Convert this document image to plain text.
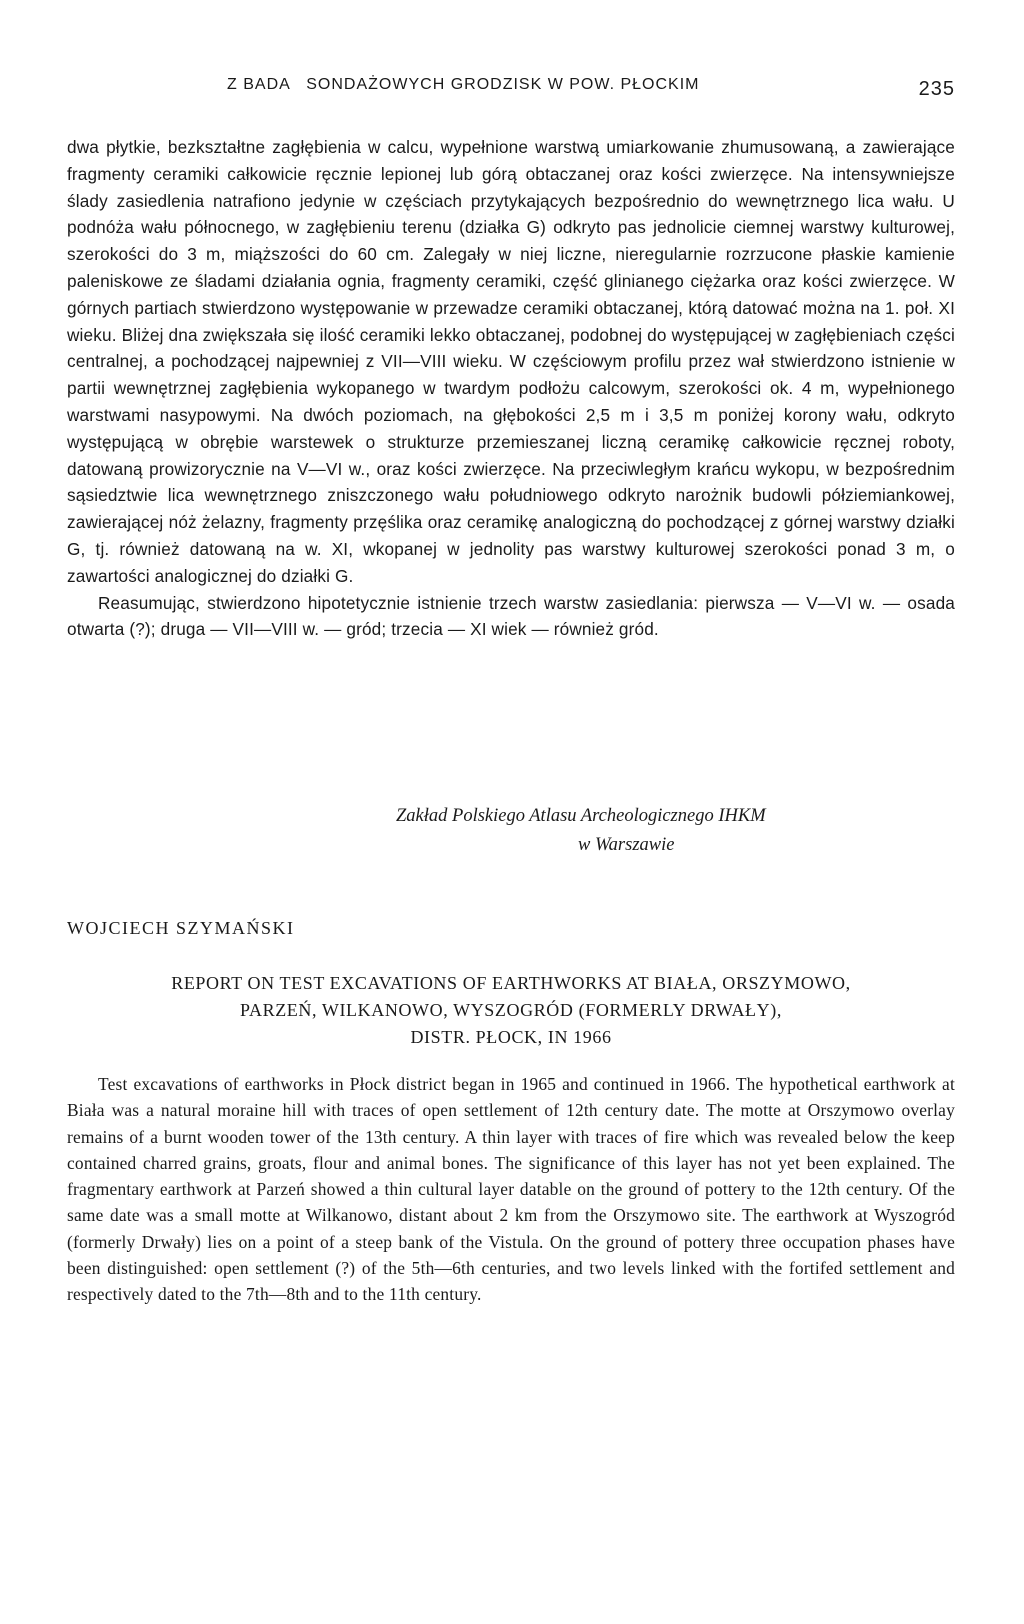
Z BADA   SONDAŻOWYCH GRODZISK W POW. PŁOCKIM	235

dwa płytkie, bezkształtne zagłębienia w calcu, wypełnione warstwą umiarkowanie zhumusowaną, a zawierające fragmenty ceramiki całkowicie ręcznie lepionej lub górą obtaczanej oraz kości zwierzęce. Na intensywniejsze ślady zasiedlenia natrafiono jedynie w częściach przytykających bezpośrednio do wewnętrznego lica wału. U podnóża wału północnego, w zagłębieniu terenu (działka G) odkryto pas jednolicie ciemnej warstwy kulturowej, szerokości do 3 m, miąższości do 60 cm. Zalegały w niej liczne, nieregularnie rozrzucone płaskie kamienie paleniskowe ze śladami działania ognia, fragmenty ceramiki, część glinianego ciężarka oraz kości zwierzęce. W górnych partiach stwierdzono występowanie w przewadze ceramiki obtaczanej, którą datować można na 1. poł. XI wieku. Bliżej dna zwiększała się ilość ceramiki lekko obtaczanej, podobnej do występującej w zagłębieniach części centralnej, a pochodzącej najpewniej z VII—VIII wieku. W częściowym profilu przez wał stwierdzono istnienie w partii wewnętrznej zagłębienia wykopanego w twardym podłożu calcowym, szerokości ok. 4 m, wypełnionego warstwami nasypowymi. Na dwóch poziomach, na głębokości 2,5 m i 3,5 m poniżej korony wału, odkryto występującą w obrębie warstewek o strukturze przemieszanej liczną ceramikę całkowicie ręcznej roboty, datowaną prowizorycznie na V—VI w., oraz kości zwierzęce. Na przeciwległym krańcu wykopu, w bezpośrednim sąsiedztwie lica wewnętrznego zniszczonego wału południowego odkryto narożnik budowli półziemiankowej, zawierającej nóż żelazny, fragmenty przęślika oraz ceramikę analogiczną do pochodzącej z górnej warstwy działki G, tj. również datowaną na w. XI, wkopanej w jednolity pas warstwy kulturowej szerokości ponad 3 m, o zawartości analogicznej do działki G.

Reasumując, stwierdzono hipotetycznie istnienie trzech warstw zasiedlania: pierwsza — V—VI w. — osada otwarta (?); druga — VII—VIII w. — gród; trzecia — XI wiek — również gród.

Zakład Polskiego Atlasu Archeologicznego IHKM
w Warszawie
WOJCIECH SZYMAŃSKI
REPORT ON TEST EXCAVATIONS OF EARTHWORKS AT BIAŁA, ORSZYMOWO,
PARZEŃ, WILKANOWO, WYSZOGRÓD (FORMERLY DRWAŁY),
DISTR. PŁOCK, IN 1966

Test excavations of earthworks in Płock district began in 1965 and continued in 1966. The hypothetical earthwork at Biała was a natural moraine hill with traces of open settlement of 12th century date. The motte at Orszymowo overlay remains of a burnt wooden tower of the 13th century. A thin layer with traces of fire which was revealed below the keep contained charred grains, groats, flour and animal bones. The significance of this layer has not yet been explained. The fragmentary earthwork at Parzeń showed a thin cultural layer datable on the ground of pottery to the 12th century. Of the same date was a small motte at Wilkanowo, distant about 2 km from the Orszymowo site. The earthwork at Wyszogród (formerly Drwały) lies on a point of a steep bank of the Vistula. On the ground of pottery three occupation phases have been distinguished: open settlement (?) of the 5th—6th centuries, and two levels linked with the fortifed settlement and respectively dated to the 7th—8th and to the 11th century.
